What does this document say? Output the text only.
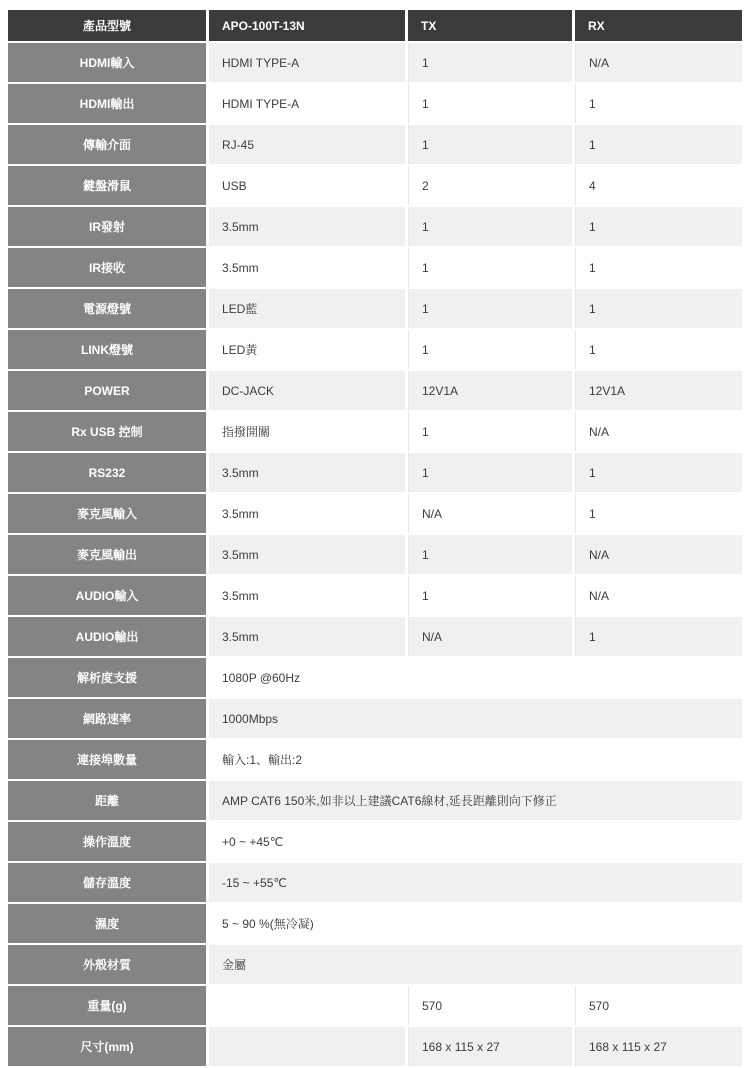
產品型號	APO-100T-13N	TX	RX
HDMI輸入	HDMI TYPE-A	1	N/A
HDMI輸出	HDMI TYPE-A	1	1
傳輸介面	RJ-45	1	1
鍵盤滑鼠	USB	2	4
IR發射	3.5mm	1	1
IR接收	3.5mm	1	1
電源燈號	LED藍	1	1
LINK燈號	LED黃	1	1
POWER	DC-JACK	12V1A	12V1A
Rx USB 控制	指撥開關	1	N/A
RS232	3.5mm	1	1
麥克風輸入	3.5mm	N/A	1
麥克風輸出	3.5mm	1	N/A
AUDIO輸入	3.5mm	1	N/A
AUDIO輸出	3.5mm	N/A	1
解析度支援	1080P @60Hz		
網路速率	1000Mbps		
連接埠數量	輸入:1、輸出:2		
距離	AMP CAT6 150米,如非以上建議CAT6線材,延長距離則向下修正		
操作溫度	+0 ~ +45℃		
儲存溫度	-15 ~ +55℃		
濕度	5 ~ 90 %(無冷凝)		
外殼材質	金屬		
重量(g)		570	570
尺寸(mm)		168 x 115 x 27	168 x 115 x 27
